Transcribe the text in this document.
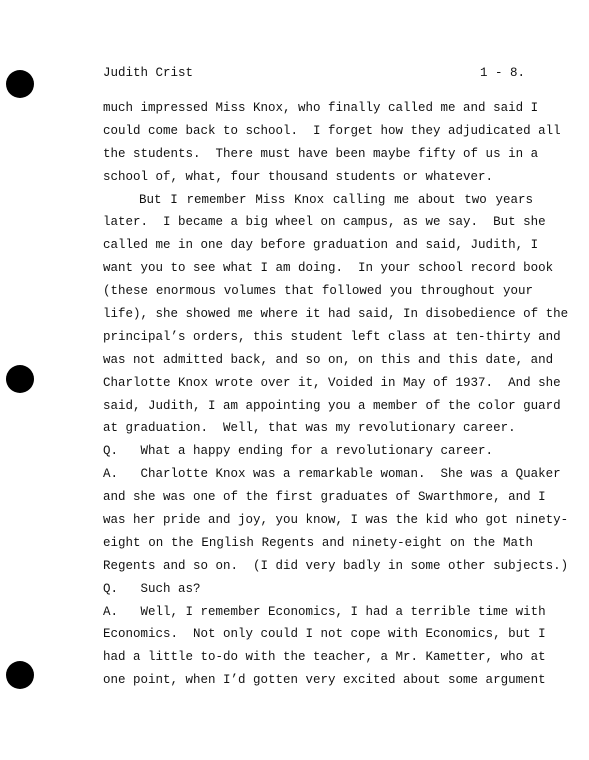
Judith Crist	1 - 8.
much impressed Miss Knox, who finally called me and said I
could come back to school.  I forget how they adjudicated all
the students.  There must have been maybe fifty of us in a
school of, what, four thousand students or whatever.
But I remember Miss Knox calling me about two years
later.  I became a big wheel on campus, as we say.  But she
called me in one day before graduation and said, Judith, I
want you to see what I am doing.  In your school record book
(these enormous volumes that followed you throughout your
life), she showed me where it had said, In disobedience of the
principal’s orders, this student left class at ten-thirty and
was not admitted back, and so on, on this and this date, and
Charlotte Knox wrote over it, Voided in May of 1937.  And she
said, Judith, I am appointing you a member of the color guard
at graduation.  Well, that was my revolutionary career.
Q.   What a happy ending for a revolutionary career.
A.   Charlotte Knox was a remarkable woman.  She was a Quaker
and she was one of the first graduates of Swarthmore, and I
was her pride and joy, you know, I was the kid who got ninety-
eight on the English Regents and ninety-eight on the Math
Regents and so on.  (I did very badly in some other subjects.)
Q.   Such as?
A.   Well, I remember Economics, I had a terrible time with
Economics.  Not only could I not cope with Economics, but I
had a little to-do with the teacher, a Mr. Kametter, who at
one point, when I’d gotten very excited about some argument
